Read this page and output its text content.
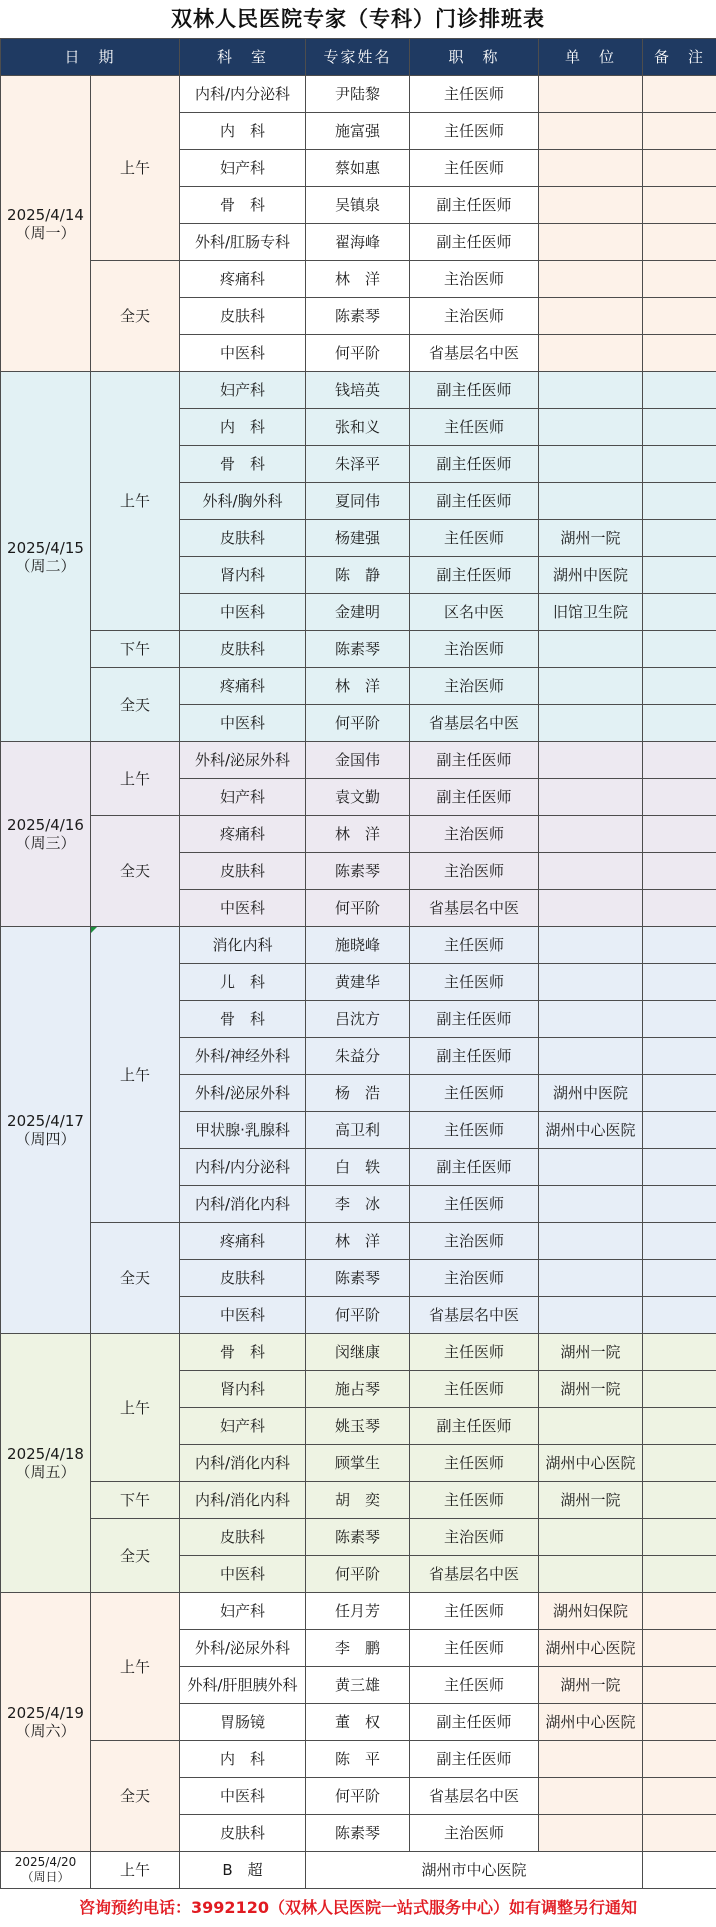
双林人民医院专家（专科）门诊排班表
日　期		科　室	专家姓名	职　称	单　位	备　注

2025/4/14
（周一）	上午	内科/内分泌科	尹陆黎	主任医师		
		内　科	施富强	主任医师		
		妇产科	蔡如惠	主任医师		
		骨　科	吴镇泉	副主任医师		
		外科/肛肠专科	翟海峰	副主任医师		
	全天	疼痛科	林　洋	主治医师		
		皮肤科	陈素琴	主治医师		
		中医科	何平阶	省基层名中医		

2025/4/15
（周二）	上午	妇产科	钱培英	副主任医师		
		内　科	张和义	主任医师		
		骨　科	朱泽平	副主任医师		
		外科/胸外科	夏同伟	副主任医师		
		皮肤科	杨建强	主任医师	湖州一院	
		肾内科	陈　静	副主任医师	湖州中医院	
		中医科	金建明	区名中医	旧馆卫生院	
	下午	皮肤科	陈素琴	主治医师		
	全天	疼痛科	林　洋	主治医师		
		中医科	何平阶	省基层名中医		

2025/4/16
（周三）	上午	外科/泌尿外科	金国伟	副主任医师		
		妇产科	袁文勤	副主任医师		
	全天	疼痛科	林　洋	主治医师		
		皮肤科	陈素琴	主治医师		
		中医科	何平阶	省基层名中医		

2025/4/17
（周四）	上午	消化内科	施晓峰	主任医师		
		儿　科	黄建华	主任医师		
		骨　科	吕沈方	副主任医师		
		外科/神经外科	朱益分	副主任医师		
		外科/泌尿外科	杨　浩	主任医师	湖州中医院	
		甲状腺·乳腺科	高卫利	主任医师	湖州中心医院	
		内科/内分泌科	白　轶	副主任医师		
		内科/消化内科	李　冰	主任医师		
	全天	疼痛科	林　洋	主治医师		
		皮肤科	陈素琴	主治医师		
		中医科	何平阶	省基层名中医		

2025/4/18
（周五）	上午	骨　科	闵继康	主任医师	湖州一院	
		肾内科	施占琴	主任医师	湖州一院	
		妇产科	姚玉琴	副主任医师		
		内科/消化内科	顾掌生	主任医师	湖州中心医院	
	下午	内科/消化内科	胡　奕	主任医师	湖州一院	
	全天	皮肤科	陈素琴	主治医师		
		中医科	何平阶	省基层名中医		

2025/4/19
（周六）	上午	妇产科	任月芳	主任医师	湖州妇保院	
		外科/泌尿外科	李　鹏	主任医师	湖州中心医院	
		外科/肝胆胰外科	黄三雄	主任医师	湖州一院	
		胃肠镜	董　权	副主任医师	湖州中心医院	
	全天	内　科	陈　平	副主任医师		
		中医科	何平阶	省基层名中医		
		皮肤科	陈素琴	主治医师		

2025/4/20
（周日）	上午	B　超	湖州市中心医院			
咨询预约电话：3992120（双林人民医院一站式服务中心）如有调整另行通知
